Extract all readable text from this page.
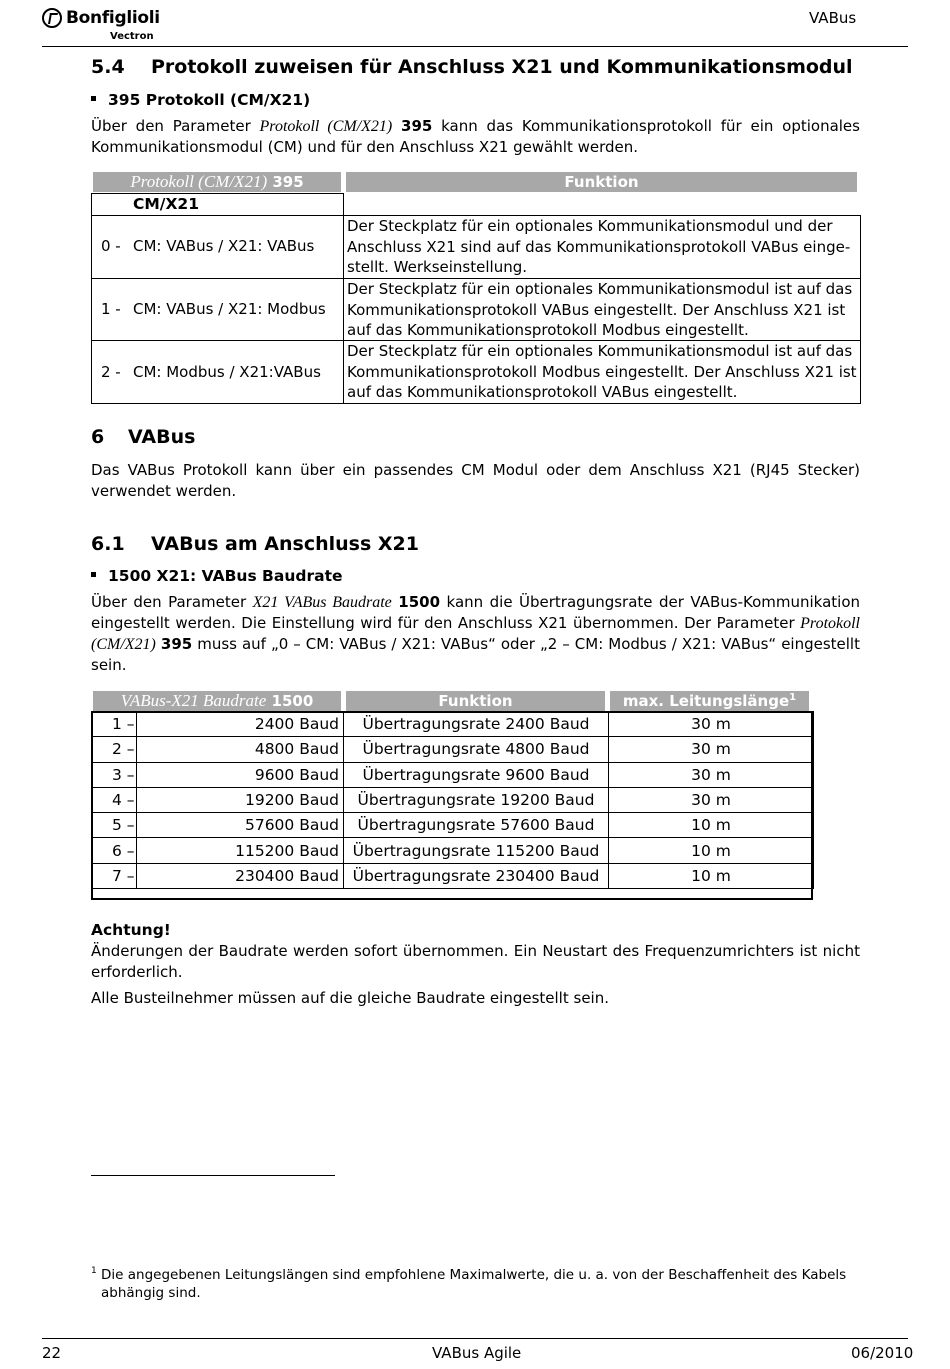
Bonfiglioli
Vectron
VABus
5.4 Protokoll zuweisen für Anschluss X21 und Kommunikationsmodul
395 Protokoll (CM/X21)
Über den Parameter Protokoll (CM/X21) 395 kann das Kommunikationsprotokoll für ein optionales Kommunikationsmodul (CM) und für den Anschluss X21 gewählt werden.
Protokoll (CM/X21) 395	Funktion
CM/X21
0 - CM: VABus / X21: VABus
Der Steckplatz für ein optionales Kommunikationsmodul und der
Anschluss X21 sind auf das Kommunikationsprotokoll VABus einge-
stellt. Werkseinstellung.
1 - CM: VABus / X21: Modbus
Der Steckplatz für ein optionales Kommunikationsmodul ist auf das
Kommunikationsprotokoll VABus eingestellt. Der Anschluss X21 ist
auf das Kommunikationsprotokoll Modbus eingestellt.
2 - CM: Modbus / X21:VABus
Der Steckplatz für ein optionales Kommunikationsmodul ist auf das
Kommunikationsprotokoll Modbus eingestellt. Der Anschluss X21 ist
auf das Kommunikationsprotokoll VABus eingestellt.
6 VABus
Das VABus Protokoll kann über ein passendes CM Modul oder dem Anschluss X21 (RJ45 Stecker) verwendet werden.
6.1 VABus am Anschluss X21
1500 X21: VABus Baudrate
Über den Parameter X21 VABus Baudrate 1500 kann die Übertragungsrate der VABus-Kommunikation eingestellt werden. Die Einstellung wird für den Anschluss X21 übernommen. Der Parameter Protokoll (CM/X21) 395 muss auf „0 – CM: VABus / X21: VABus“ oder „2 – CM: Modbus / X21: VABus“ eingestellt sein.
VABus-X21 Baudrate 1500	Funktion	max. Leitungslänge$^1$
1 –	2400 Baud	Übertragungsrate 2400 Baud	30 m
2 –	4800 Baud	Übertragungsrate 4800 Baud	30 m
3 –	9600 Baud	Übertragungsrate 9600 Baud	30 m
4 –	19200 Baud	Übertragungsrate 19200 Baud	30 m
5 –	57600 Baud	Übertragungsrate 57600 Baud	10 m
6 –	115200 Baud	Übertragungsrate 115200 Baud	10 m
7 –	230400 Baud	Übertragungsrate 230400 Baud	10 m
Achtung!
Änderungen der Baudrate werden sofort übernommen. Ein Neustart des Frequenzumrichters ist nicht erforderlich.
Alle Busteilnehmer müssen auf die gleiche Baudrate eingestellt sein.
1 Die angegebenen Leitungslängen sind empfohlene Maximalwerte, die u. a. von der Beschaffenheit des Kabels abhängig sind.
22	VABus Agile	06/2010
